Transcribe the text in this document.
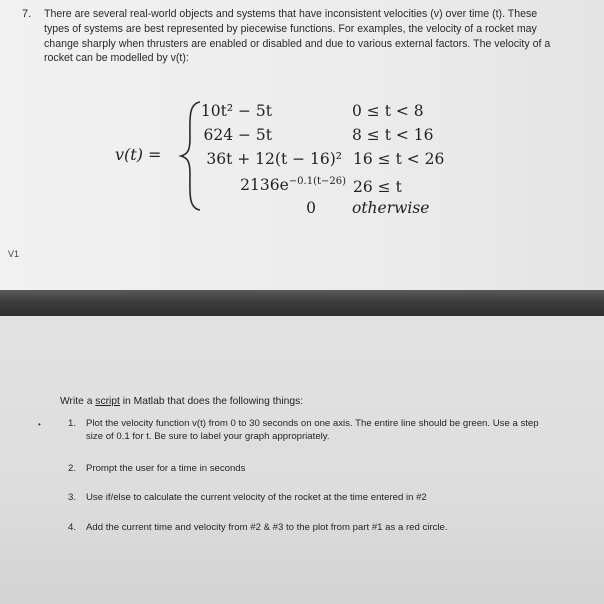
7. There are several real-world objects and systems that have inconsistent velocities (v) over time (t). These types of systems are best represented by piecewise functions. For examples, the velocity of a rocket may change sharply when thrusters are enabled or disabled and due to various external factors. The velocity of a rocket can be modelled by v(t):
v(t) =
10t² − 5t	0 ≤ t < 8
624 − 5t	8 ≤ t < 16
36t + 12(t − 16)² 16 ≤ t < 26
$2136e^{-0.1(t-26)}$ 26 ≤ t
0 otherwise
V1
Write a script in Matlab that does the following things:
•	1. Plot the velocity function v(t) from 0 to 30 seconds on one axis. The entire line should be green. Use a step size of 0.1 for t. Be sure to label your graph appropriately.
2. Prompt the user for a time in seconds
3. Use if/else to calculate the current velocity of the rocket at the time entered in #2
4. Add the current time and velocity from #2 & #3 to the plot from part #1 as a red circle.
